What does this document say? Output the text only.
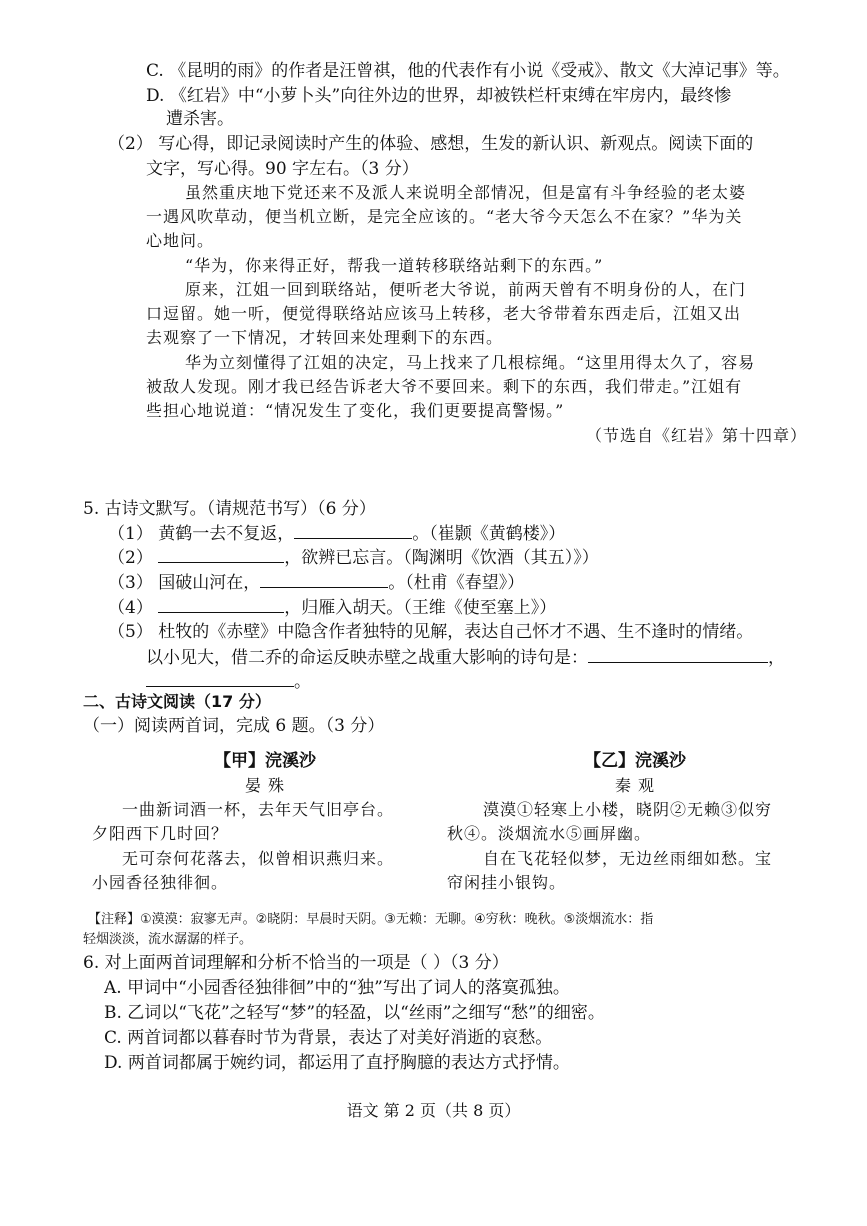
C. 《昆明的雨》的作者是汪曾祺，他的代表作有小说《受戒》、散文《大淖记事》等。
D. 《红岩》中“小萝卜头”向往外边的世界，却被铁栏杆束缚在牢房内，最终惨
遭杀害。
（2） 写心得，即记录阅读时产生的体验、感想，生发的新认识、新观点。阅读下面的
文字，写心得。90 字左右。（3 分）
虽然重庆地下党还来不及派人来说明全部情况，但是富有斗争经验的老太婆
一遇风吹草动，便当机立断，是完全应该的。“老大爷今天怎么不在家？”华为关
心地问。
“华为，你来得正好，帮我一道转移联络站剩下的东西。”
原来，江姐一回到联络站，便听老大爷说，前两天曾有不明身份的人，在门
口逗留。她一听，便觉得联络站应该马上转移，老大爷带着东西走后，江姐又出
去观察了一下情况，才转回来处理剩下的东西。
华为立刻懂得了江姐的决定，马上找来了几根棕绳。“这里用得太久了，容易
被敌人发现。刚才我已经告诉老大爷不要回来。剩下的东西，我们带走。”江姐有
些担心地说道：“情况发生了变化，我们更要提高警惕。”
（节选自《红岩》第十四章）
5. 古诗文默写。（请规范书写）（6 分）
（1） 黄鹤一去不复返，	。（崔颢《黄鹤楼》）
（2）	，欲辨已忘言。（陶渊明《饮酒（其五）》）
（3） 国破山河在，	。（杜甫《春望》）
（4）	，归雁入胡天。（王维《使至塞上》）
（5） 杜牧的《赤壁》中隐含作者独特的见解，表达自己怀才不遇、生不逢时的情绪。
以小见大，借二乔的命运反映赤壁之战重大影响的诗句是：	，
。
二、古诗文阅读（17 分）
（一）阅读两首词，完成 6 题。（3 分）
【甲】浣溪沙
晏 殊
一曲新词酒一杯，去年天气旧亭台。
夕阳西下几时回？
无可奈何花落去，似曾相识燕归来。
小园香径独徘徊。
【乙】浣溪沙
秦 观
漠漠①轻寒上小楼，晓阴②无赖③似穷
秋④。淡烟流水⑤画屏幽。
自在飞花轻似梦，无边丝雨细如愁。宝
帘闲挂小银钩。
【注释】①漠漠：寂寥无声。②晓阴：早晨时天阴。③无赖：无聊。④穷秋：晚秋。⑤淡烟流水：指
轻烟淡淡，流水潺潺的样子。
6. 对上面两首词理解和分析不恰当的一项是（ ）（3 分）
A. 甲词中“小园香径独徘徊”中的“独”写出了词人的落寞孤独。
B. 乙词以“飞花”之轻写“梦”的轻盈，以“丝雨”之细写“愁”的细密。
C. 两首词都以暮春时节为背景，表达了对美好消逝的哀愁。
D. 两首词都属于婉约词，都运用了直抒胸臆的表达方式抒情。
语文 第 2 页（共 8 页）
